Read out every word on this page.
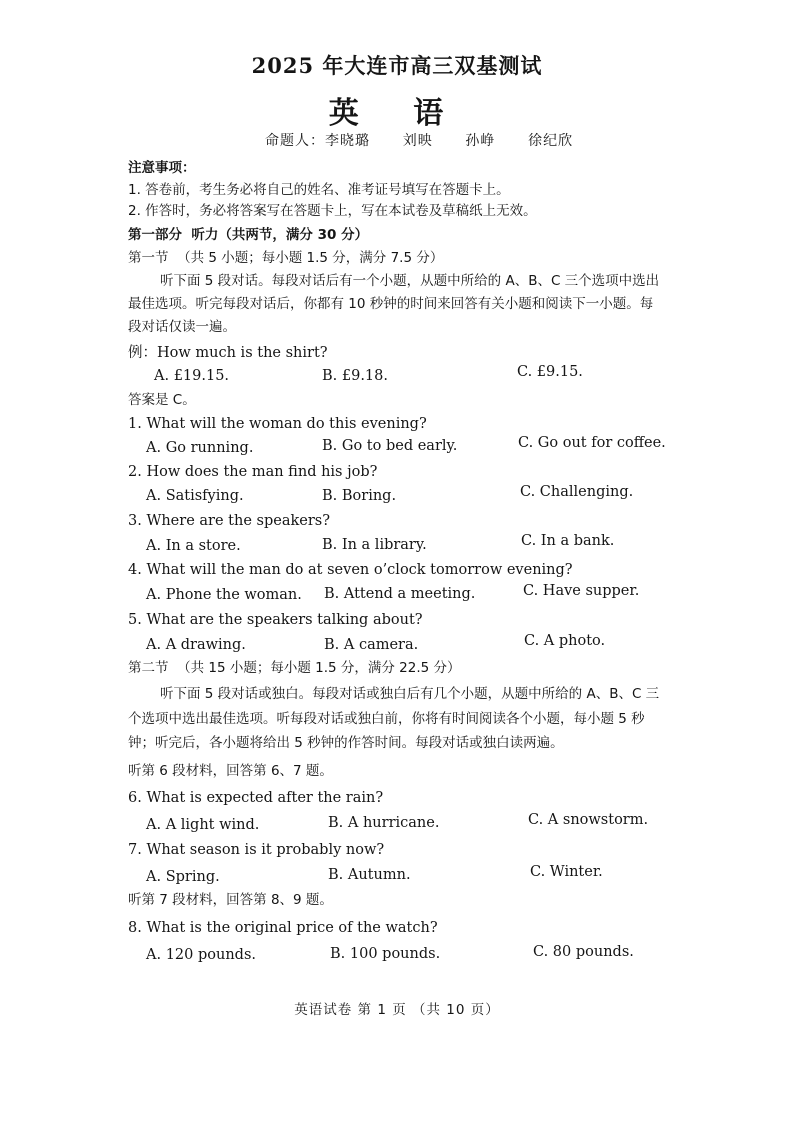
2025 年大连市高三双基测试
英 语
命题人：李晓璐      刘映      孙峥      徐纪欣
注意事项：
1. 答卷前，考生务必将自己的姓名、准考证号填写在答题卡上。
2. 作答时，务必将答案写在答题卡上，写在本试卷及草稿纸上无效。
第一部分  听力（共两节，满分 30 分）
第一节  （共 5 小题；每小题 1.5 分，满分 7.5 分）
听下面 5 段对话。每段对话后有一个小题，从题中所给的 A、B、C 三个选项中选出
最佳选项。听完每段对话后，你都有 10 秒钟的时间来回答有关小题和阅读下一小题。每
段对话仅读一遍。
例：How much is the shirt?
A. £19.15.	B. £9.18.	C. £9.15.
答案是 C。
1. What will the woman do this evening?
A. Go running.	B. Go to bed early.	C. Go out for coffee.
2. How does the man find his job?
A. Satisfying.	B. Boring.	C. Challenging.
3. Where are the speakers?
A. In a store.	B. In a library.	C. In a bank.
4. What will the man do at seven o’clock tomorrow evening?
A. Phone the woman. B. Attend a meeting.	C. Have supper.
5. What are the speakers talking about?
A. A drawing.	B. A camera.	C. A photo.
第二节  （共 15 小题；每小题 1.5 分，满分 22.5 分）
听下面 5 段对话或独白。每段对话或独白后有几个小题，从题中所给的 A、B、C 三
个选项中选出最佳选项。听每段对话或独白前，你将有时间阅读各个小题，每小题 5 秒
钟；听完后，各小题将给出 5 秒钟的作答时间。每段对话或独白读两遍。
听第 6 段材料，回答第 6、7 题。
6. What is expected after the rain?
A. A light wind.	B. A hurricane.	C. A snowstorm.
7. What season is it probably now?
A. Spring.	B. Autumn.	C. Winter.
听第 7 段材料，回答第 8、9 题。
8. What is the original price of the watch?
A. 120 pounds.	B. 100 pounds.	C. 80 pounds.
英语试卷 第 1 页 （共 10 页）
